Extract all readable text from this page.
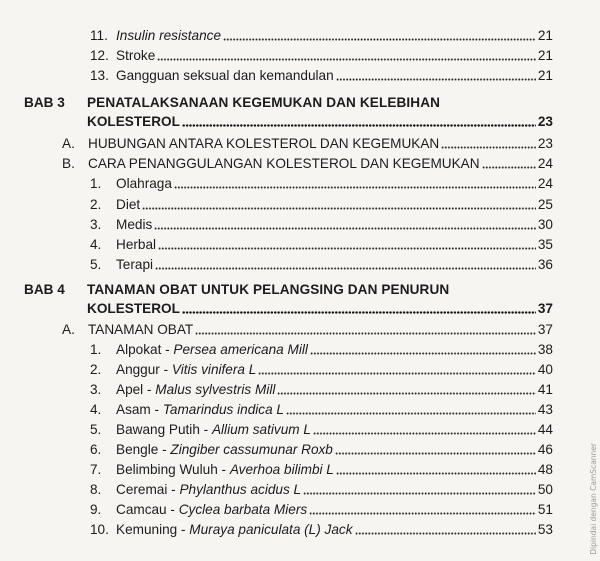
11. Insulin resistance	21
12. Stroke	21
13. Gangguan seksual dan kemandulan	21
BAB 3 PENATALAKSANAAN KEGEMUKAN DAN KELEBIHAN
KOLESTEROL	23
A. HUBUNGAN ANTARA KOLESTEROL DAN KEGEMUKAN	23
B. CARA PENANGGULANGAN KOLESTEROL DAN KEGEMUKAN	24
1.	Olahraga	24
2.	Diet	25
3.	Medis	30
4.	Herbal	35
5.	Terapi	36
BAB 4 TANAMAN OBAT UNTUK PELANGSING DAN PENURUN
KOLESTEROL	37
A. TANAMAN OBAT	37
1.	Alpokat - Persea americana Mill	38
2.	Anggur - Vitis vinifera L	40
3.	Apel - Malus sylvestris Mill	41
4.	Asam - Tamarindus indica L	43
5.	Bawang Putih - Allium sativum L	44
6.	Bengle - Zingiber cassumunar Roxb	46
7.	Belimbing Wuluh - Averhoa bilimbi L	48
8.	Ceremai - Phylanthus acidus L	50
9.	Camcau - Cyclea barbata Miers	51
10. Kemuning - Muraya paniculata (L) Jack	53	Dipindai dengan CamScanner
